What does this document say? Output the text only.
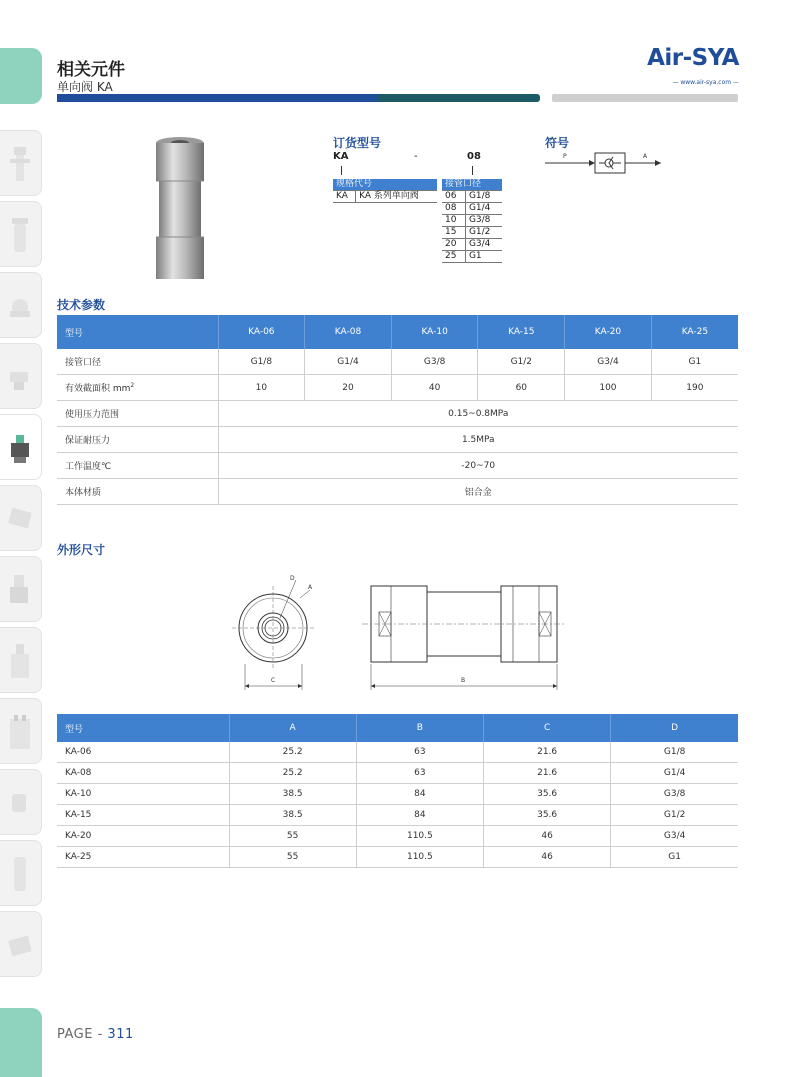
相关元件
单向阀 KA
Air-SYA
— www.air-sya.com —
订货型号
KA	-	08
规格代号
KA	KA 系列单向阀
接管口径	
06	G1/8
08	G1/4
10	G3/8
15	G1/2
20	G3/4
25	G1
符号
P	A
技术参数
型号	KA-06	KA-08	KA-10	KA-15	KA-20	KA-25
接管口径	G1/8	G1/4	G3/8	G1/2	G3/4	G1
有效截面积 $mm^2$	10	20	40	60	100	190
使用压力范围	0.15~0.8MPa					
保证耐压力	1.5MPa					
工作温度℃	-20~70					
本体材质	铝合金					
外形尺寸
D
A
C	B
型号	A	B	C	D
KA-06	25.2	63	21.6	G1/8
KA-08	25.2	63	21.6	G1/4
KA-10	38.5	84	35.6	G3/8
KA-15	38.5	84	35.6	G1/2
KA-20	55	110.5	46	G3/4
KA-25	55	110.5	46	G1
PAGE - 311
